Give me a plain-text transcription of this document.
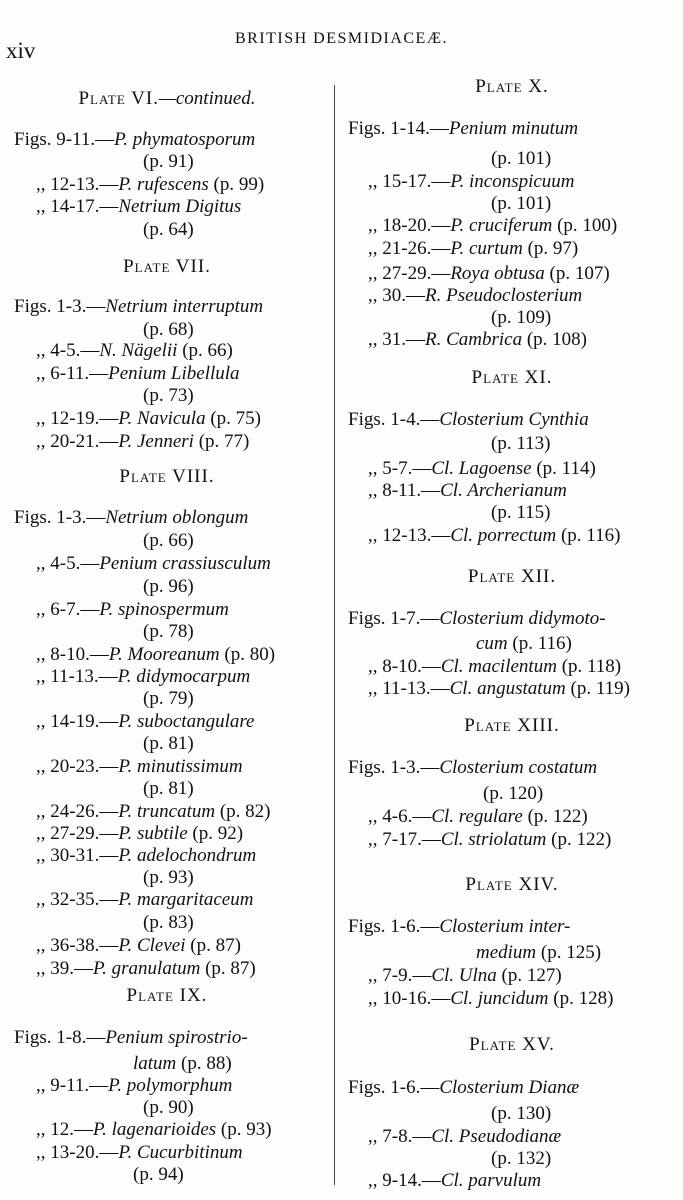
xiv	BRITISH DESMIDIACEÆ.
Plate VI.—continued.
Figs. 9-11.—P. phymatosporum
(p. 91)
,, 12-13.—P. rufescens (p. 99)
,, 14-17.—Netrium Digitus
(p. 64)
Plate VII.
Figs. 1-3.—Netrium interruptum
(p. 68)
,, 4-5.—N. Nägelii (p. 66)
,, 6-11.—Penium Libellula
(p. 73)
,, 12-19.—P. Navicula (p. 75)
,, 20-21.—P. Jenneri (p. 77)
Plate VIII.
Figs. 1-3.—Netrium oblongum
(p. 66)
,, 4-5.—Penium crassiusculum
(p. 96)
,, 6-7.—P. spinospermum
(p. 78)
,, 8-10.—P. Mooreanum (p. 80)
,, 11-13.—P. didymocarpum
(p. 79)
,, 14-19.—P. suboctangulare
(p. 81)
,, 20-23.—P. minutissimum
(p. 81)
,, 24-26.—P. truncatum (p. 82)
,, 27-29.—P. subtile (p. 92)
,, 30-31.—P. adelochondrum
(p. 93)
,, 32-35.—P. margaritaceum
(p. 83)
,, 36-38.—P. Clevei (p. 87)
,, 39.—P. granulatum (p. 87)
Plate IX.
Figs. 1-8.—Penium spirostrio-
latum (p. 88)
,, 9-11.—P. polymorphum
(p. 90)
,, 12.—P. lagenarioides (p. 93)
,, 13-20.—P. Cucurbitinum
(p. 94)
Plate X.
Figs. 1-14.—Penium minutum
(p. 101)
,, 15-17.—P. inconspicuum
(p. 101)
,, 18-20.—P. cruciferum (p. 100)
,, 21-26.—P. curtum (p. 97)
,, 27-29.—Roya obtusa (p. 107)
,, 30.—R. Pseudoclosterium
(p. 109)
,, 31.—R. Cambrica (p. 108)
Plate XI.
Figs. 1-4.—Closterium Cynthia
(p. 113)
,, 5-7.—Cl. Lagoense (p. 114)
,, 8-11.—Cl. Archerianum
(p. 115)
,, 12-13.—Cl. porrectum (p. 116)
Plate XII.
Figs. 1-7.—Closterium didymoto-
cum (p. 116)
,, 8-10.—Cl. macilentum (p. 118)
,, 11-13.—Cl. angustatum (p. 119)
Plate XIII.
Figs. 1-3.—Closterium costatum
(p. 120)
,, 4-6.—Cl. regulare (p. 122)
,, 7-17.—Cl. striolatum (p. 122)
Plate XIV.
Figs. 1-6.—Closterium inter-
medium (p. 125)
,, 7-9.—Cl. Ulna (p. 127)
,, 10-16.—Cl. juncidum (p. 128)
Plate XV.
Figs. 1-6.—Closterium Dianæ
(p. 130)
,, 7-8.—Cl. Pseudodianæ
(p. 132)
,, 9-14.—Cl. parvulum
